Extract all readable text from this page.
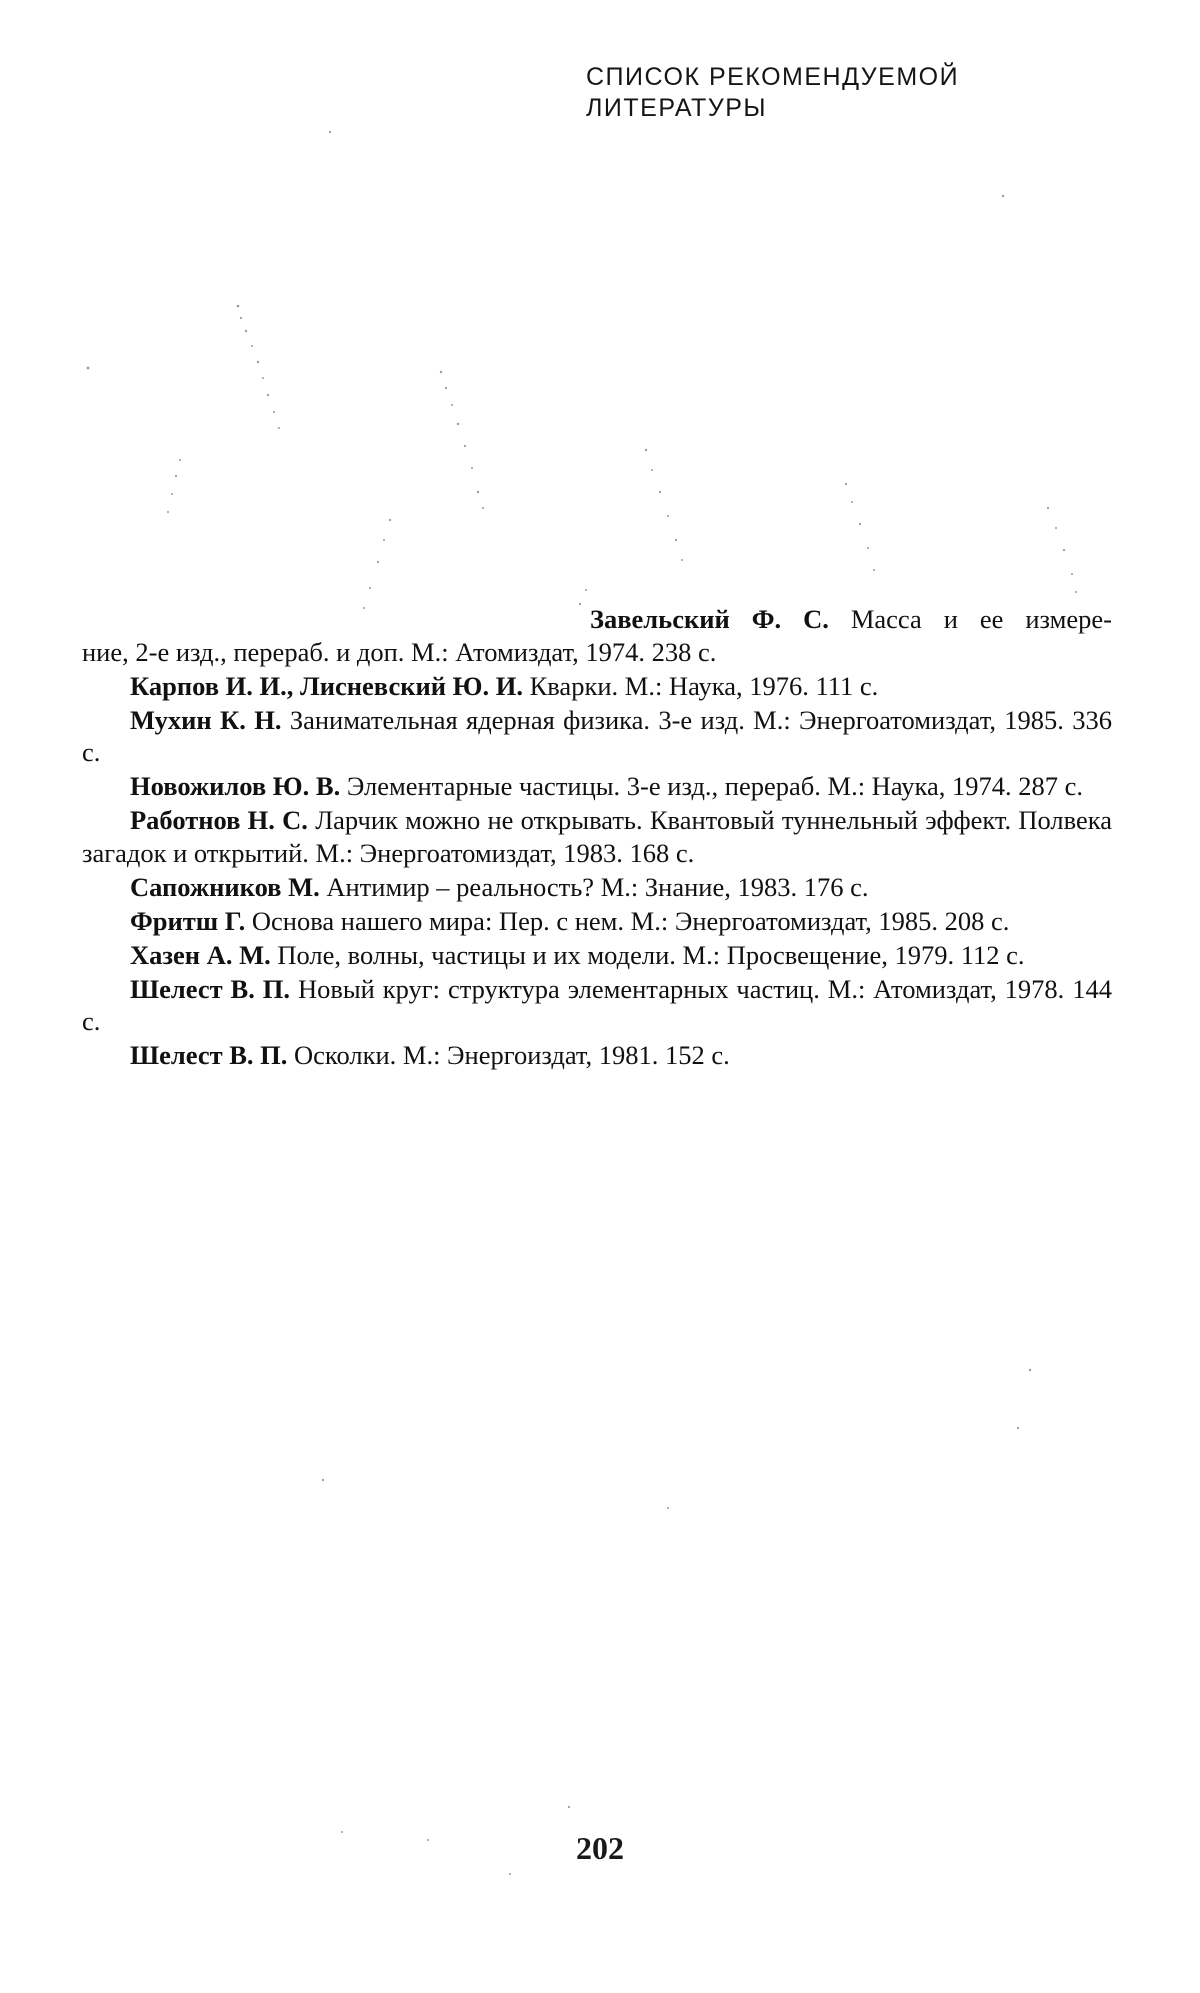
СПИСОК РЕКОМЕНДУЕМОЙ
ЛИТЕРАТУРЫ
Завельский Ф. С. Масса и ее измере-
ние, 2-е изд., перераб. и доп. М.: Атомиздат, 1974. 238 с.
Карпов И. И., Лисневский Ю. И. Кварки. М.: Наука, 1976. 111 с.
Мухин К. Н. Занимательная ядерная физика. 3-е изд. М.: Энергоатомиздат, 1985. 336 с.
Новожилов Ю. В. Элементарные частицы. 3-е изд., перераб. М.: Наука, 1974. 287 с.
Работнов Н. С. Ларчик можно не открывать. Квантовый туннельный эффект. Полвека загадок и открытий. М.: Энергоатомиздат, 1983. 168 с.
Сапожников М. Антимир – реальность? М.: Знание, 1983. 176 с.
Фритш Г. Основа нашего мира: Пер. с нем. М.: Энергоатомиздат, 1985. 208 с.
Хазен А. М. Поле, волны, частицы и их модели. М.: Просвещение, 1979. 112 с.
Шелест В. П. Новый круг: структура элементарных частиц. М.: Атомиздат, 1978. 144 с.
Шелест В. П. Осколки. М.: Энергоиздат, 1981. 152 с.
202
